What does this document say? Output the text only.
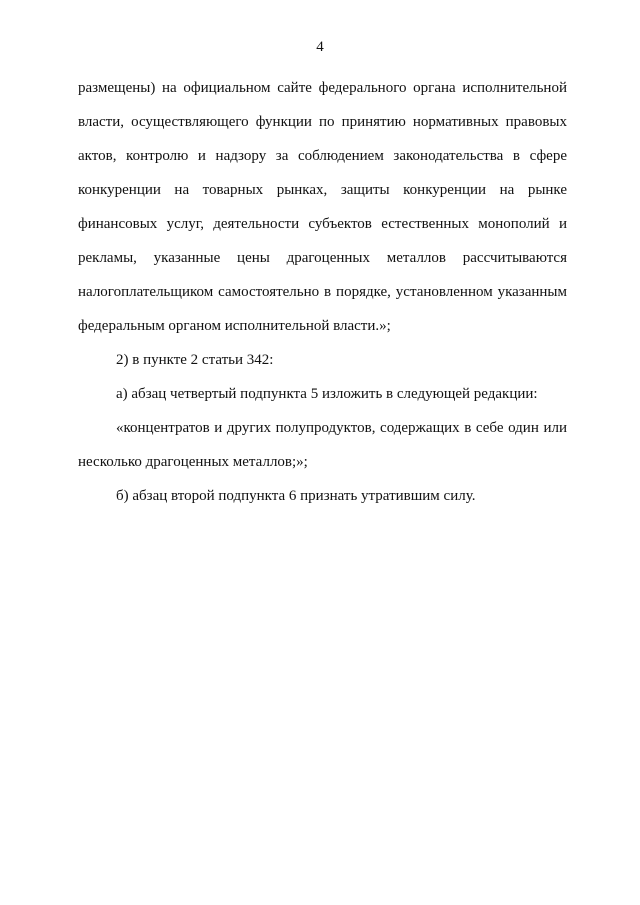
4
размещены) на официальном сайте федерального органа исполнительной
власти, осуществляющего функции по принятию нормативных правовых
актов, контролю и надзору за соблюдением законодательства в сфере
конкуренции на товарных рынках, защиты конкуренции на рынке
финансовых услуг, деятельности субъектов естественных монополий и
рекламы, указанные цены драгоценных металлов рассчитываются
налогоплательщиком самостоятельно в порядке, установленном указанным
федеральным органом исполнительной власти.»;
2) в пункте 2 статьи 342:
а) абзац четвертый подпункта 5 изложить в следующей редакции:
«концентратов и других полупродуктов, содержащих в себе один или
несколько драгоценных металлов;»;
б) абзац второй подпункта 6 признать утратившим силу.
